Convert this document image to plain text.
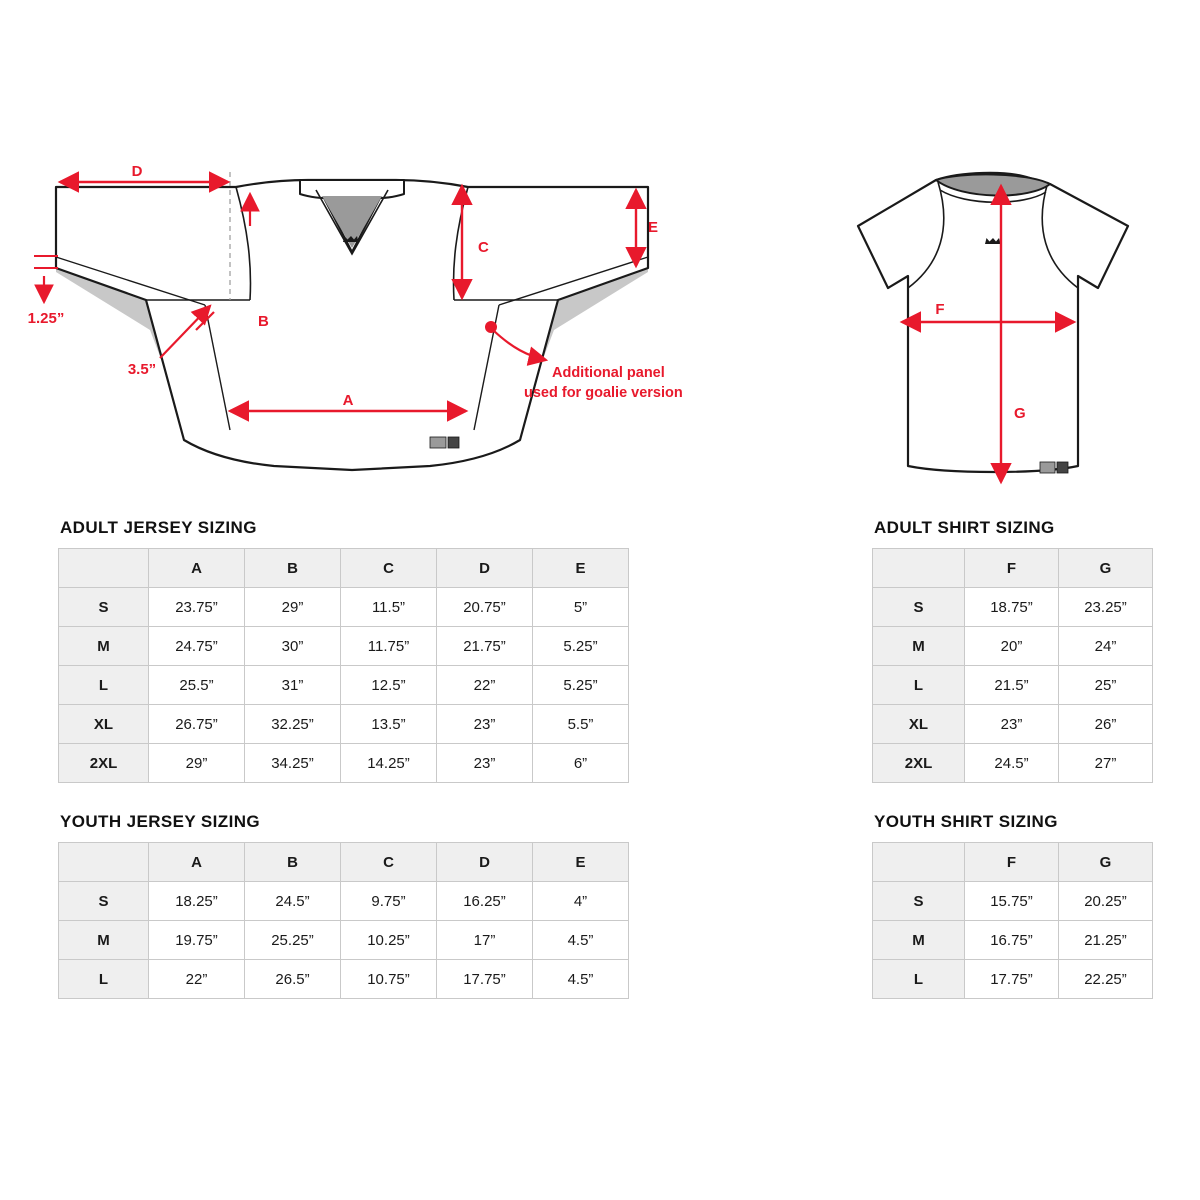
D
C
E
A
B
1.25”
3.5”	Additional panel
used for goalie version
F
G
ADULT JERSEY SIZING
	A	B	C	D	E
S	23.75”	29”	11.5”	20.75”	5”
M	24.75”	30”	11.75”	21.75”	5.25”
L	25.5”	31”	12.5”	22”	5.25”
XL	26.75”	32.25”	13.5”	23”	5.5”
2XL	29”	34.25”	14.25”	23”	6”
YOUTH JERSEY SIZING
	A	B	C	D	E
S	18.25”	24.5”	9.75”	16.25”	4”
M	19.75”	25.25”	10.25”	17”	4.5”
L	22”	26.5”	10.75”	17.75”	4.5”
ADULT SHIRT SIZING
	F	G
S	18.75”	23.25”
M	20”	24”
L	21.5”	25”
XL	23”	26”
2XL	24.5”	27”
YOUTH SHIRT SIZING
	F	G
S	15.75”	20.25”
M	16.75”	21.25”
L	17.75”	22.25”
